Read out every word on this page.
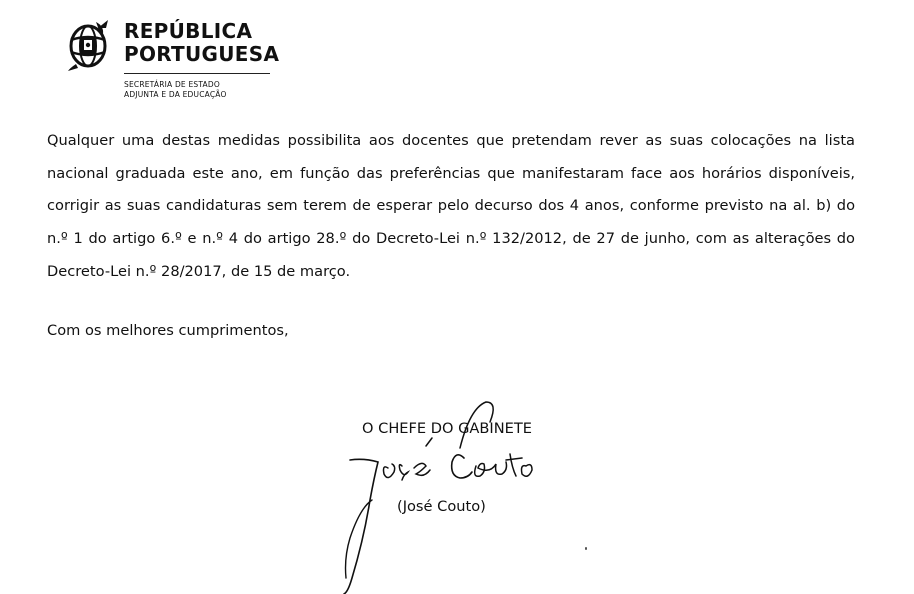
REPÚBLICA
PORTUGUESA
SECRETÁRIA DE ESTADO
ADJUNTA E DA EDUCAÇÃO

Qualquer uma destas medidas possibilita aos docentes que pretendam rever as suas colocações na lista nacional graduada este ano, em função das preferências que manifestaram face aos horários disponíveis, corrigir as suas candidaturas sem terem de esperar pelo decurso dos 4 anos, conforme previsto na al. b) do n.º 1 do artigo 6.º e n.º 4 do artigo 28.º do Decreto-Lei n.º 132/2012, de 27 de junho, com as alterações do Decreto-Lei n.º 28/2017, de 15 de março.

Com os melhores cumprimentos,
O CHEFE DO GABINETE
(José Couto)
